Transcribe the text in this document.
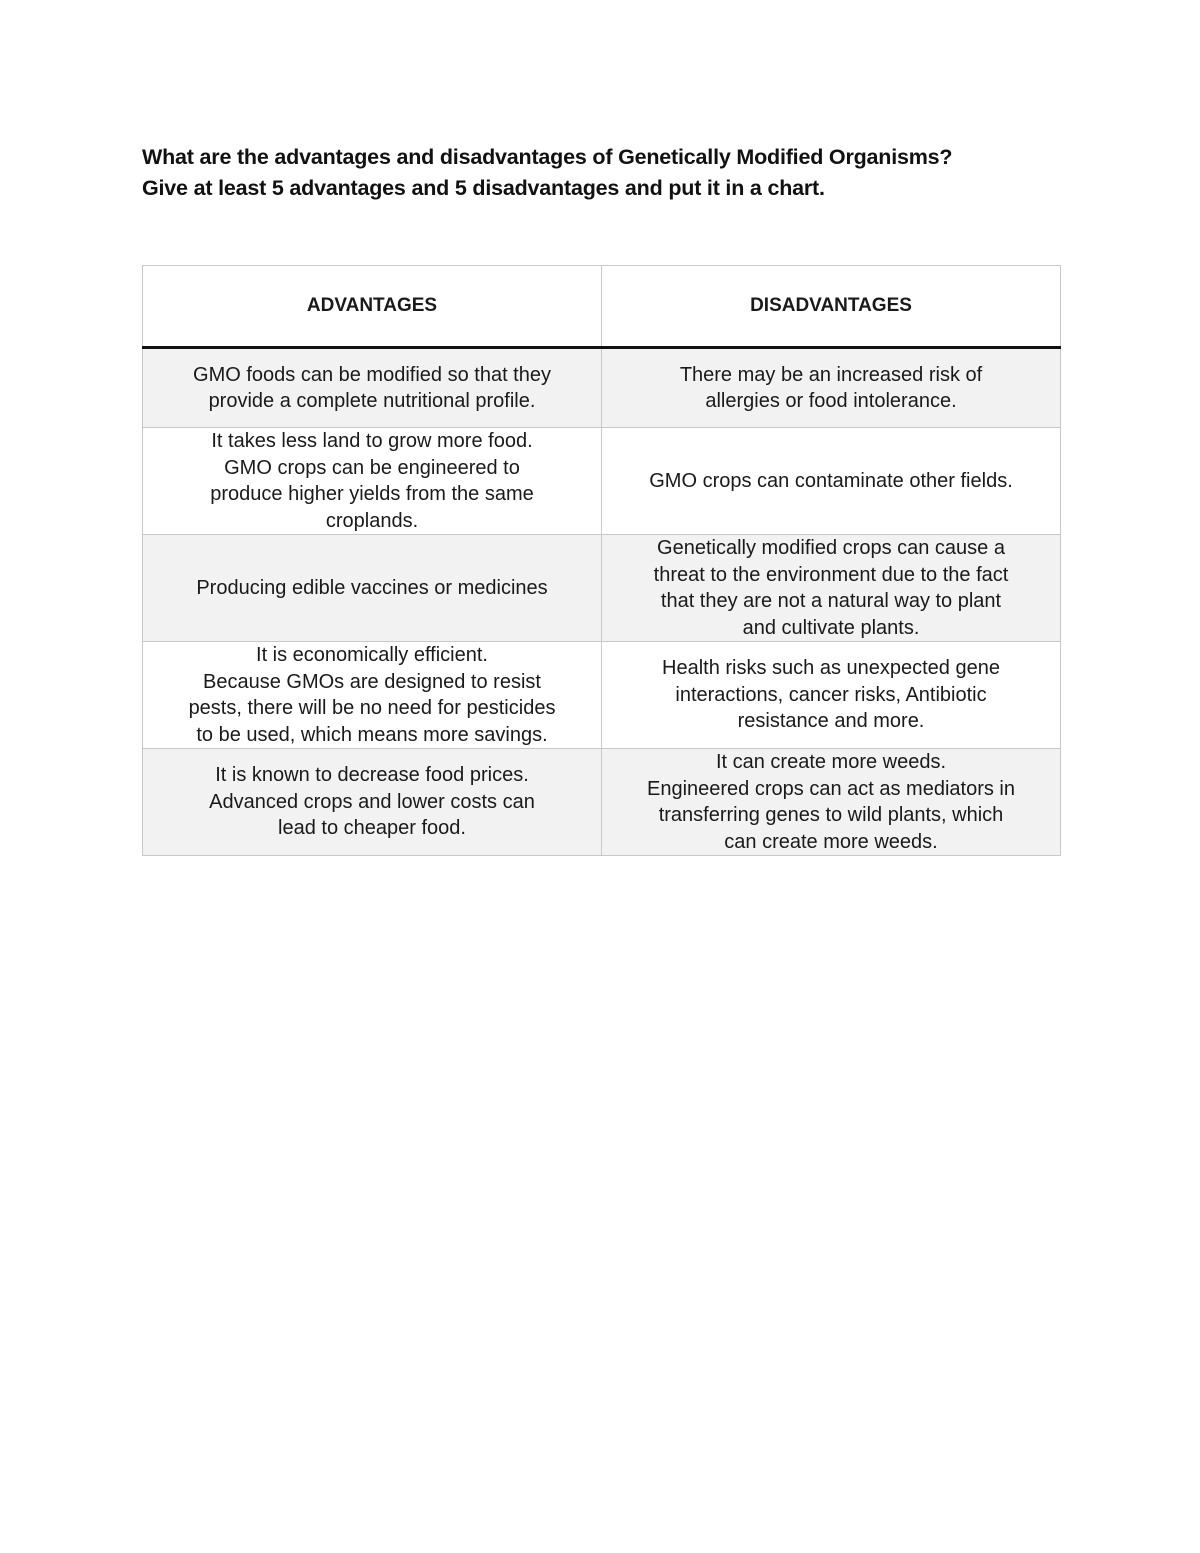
What are the advantages and disadvantages of Genetically Modified Organisms?
Give at least 5 advantages and 5 disadvantages and put it in a chart.
ADVANTAGES	DISADVANTAGES

GMO foods can be modified so that they
provide a complete nutritional profile.	There may be an increased risk of
allergies or food intolerance.

It takes less land to grow more food.
GMO crops can be engineered to
produce higher yields from the same
croplands.	GMO crops can contaminate other fields.

Producing edible vaccines or medicines	Genetically modified crops can cause a
threat to the environment due to the fact
that they are not a natural way to plant
and cultivate plants.

It is economically efficient.
Because GMOs are designed to resist
pests, there will be no need for pesticides
to be used, which means more savings.	Health risks such as unexpected gene
interactions, cancer risks, Antibiotic
resistance and more.

It is known to decrease food prices.
Advanced crops and lower costs can
lead to cheaper food.	It can create more weeds.
Engineered crops can act as mediators in
transferring genes to wild plants, which
can create more weeds.
